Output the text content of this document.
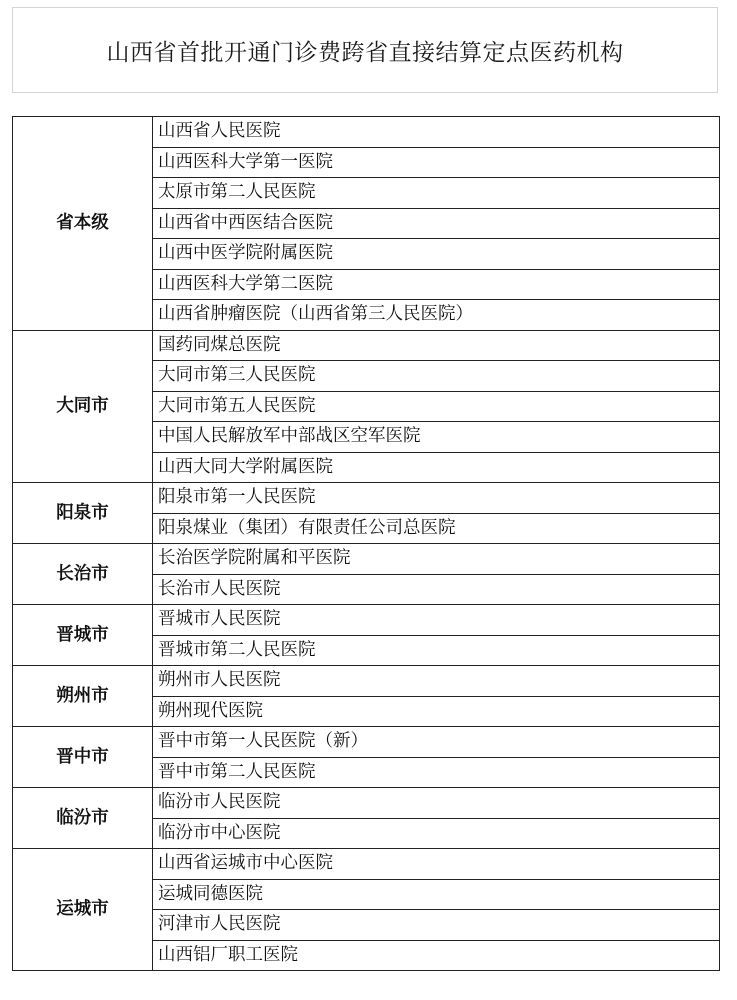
山西省首批开通门诊费跨省直接结算定点医药机构
省本级	山西省人民医院
	山西医科大学第一医院
	太原市第二人民医院
	山西省中西医结合医院
	山西中医学院附属医院
	山西医科大学第二医院
	山西省肿瘤医院（山西省第三人民医院）
大同市	国药同煤总医院
	大同市第三人民医院
	大同市第五人民医院
	中国人民解放军中部战区空军医院
	山西大同大学附属医院
阳泉市	阳泉市第一人民医院
	阳泉煤业（集团）有限责任公司总医院
长治市	长治医学院附属和平医院
	长治市人民医院
晋城市	晋城市人民医院
	晋城市第二人民医院
朔州市	朔州市人民医院
	朔州现代医院
晋中市	晋中市第一人民医院（新）
	晋中市第二人民医院
临汾市	临汾市人民医院
	临汾市中心医院
运城市	山西省运城市中心医院
	运城同德医院
	河津市人民医院
	山西铝厂职工医院
